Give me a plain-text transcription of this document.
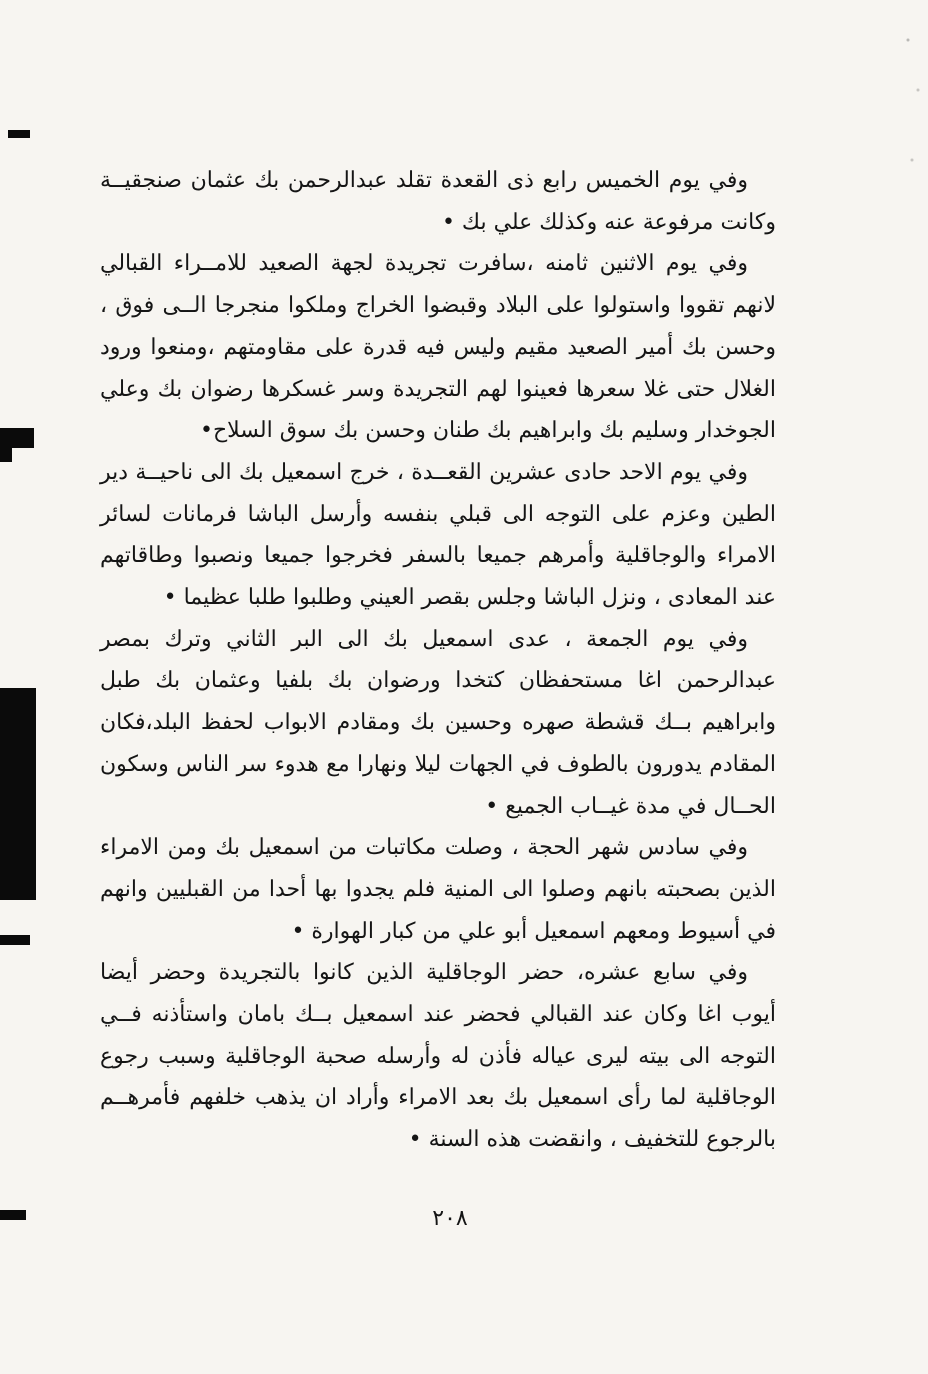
وفي يوم الخميس رابع ذى القعدة تقلد عبدالرحمن بك عثمان صنجقيــة وكانت مرفوعة عنه وكذلك علي بك •

وفي يوم الاثنين ثامنه ،سافرت تجريدة لجهة الصعيد للامــراء القبالي لانهم تقووا واستولوا على البلاد وقبضوا الخراج وملكوا منجرجا الــى فوق ، وحسن بك أمير الصعيد مقيم وليس فيه قدرة على مقاومتهم ،ومنعوا ورود الغلال حتى غلا سعرها فعينوا لهم التجريدة وسر غسكرها رضوان بك وعلي الجوخدار وسليم بك وابراهيم بك طنان وحسن بك سوق السلاح•

وفي يوم الاحد حادى عشرين القعــدة ، خرج اسمعيل بك الى ناحيــة دير الطين وعزم على التوجه الى قبلي بنفسه وأرسل الباشا فرمانات لسائر الامراء والوجاقلية وأمرهم جميعا بالسفر فخرجوا جميعا ونصبوا وطاقاتهم عند المعادى ، ونزل الباشا وجلس بقصر العيني وطلبوا طلبا عظيما •

وفي يوم الجمعة ، عدى اسمعيل بك الى البر الثاني وترك بمصر عبدالرحمن اغا مستحفظان كتخدا ورضوان بك بلفيا وعثمان بك طبل وابراهيم بــك قشطة صهره وحسين بك ومقادم الابواب لحفظ البلد،فكان المقادم يدورون بالطوف في الجهات ليلا ونهارا مع هدوء سر الناس وسكون الحــال في مدة غيــاب الجميع •

وفي سادس شهر الحجة ، وصلت مكاتبات من اسمعيل بك ومن الامراء الذين بصحبته بانهم وصلوا الى المنية فلم يجدوا بها أحدا من القبليين وانهم في أسيوط ومعهم اسمعيل أبو علي من كبار الهوارة •

وفي سابع عشره، حضر الوجاقلية الذين كانوا بالتجريدة وحضر أيضا أيوب اغا وكان عند القبالي فحضر عند اسمعيل بــك بامان واستأذنه فــي التوجه الى بيته ليرى عياله فأذن له وأرسله صحبة الوجاقلية وسبب رجوع الوجاقلية لما رأى اسمعيل بك بعد الامراء وأراد ان يذهب خلفهم فأمرهــم بالرجوع للتخفيف ، وانقضت هذه السنة •

٢٠٨
